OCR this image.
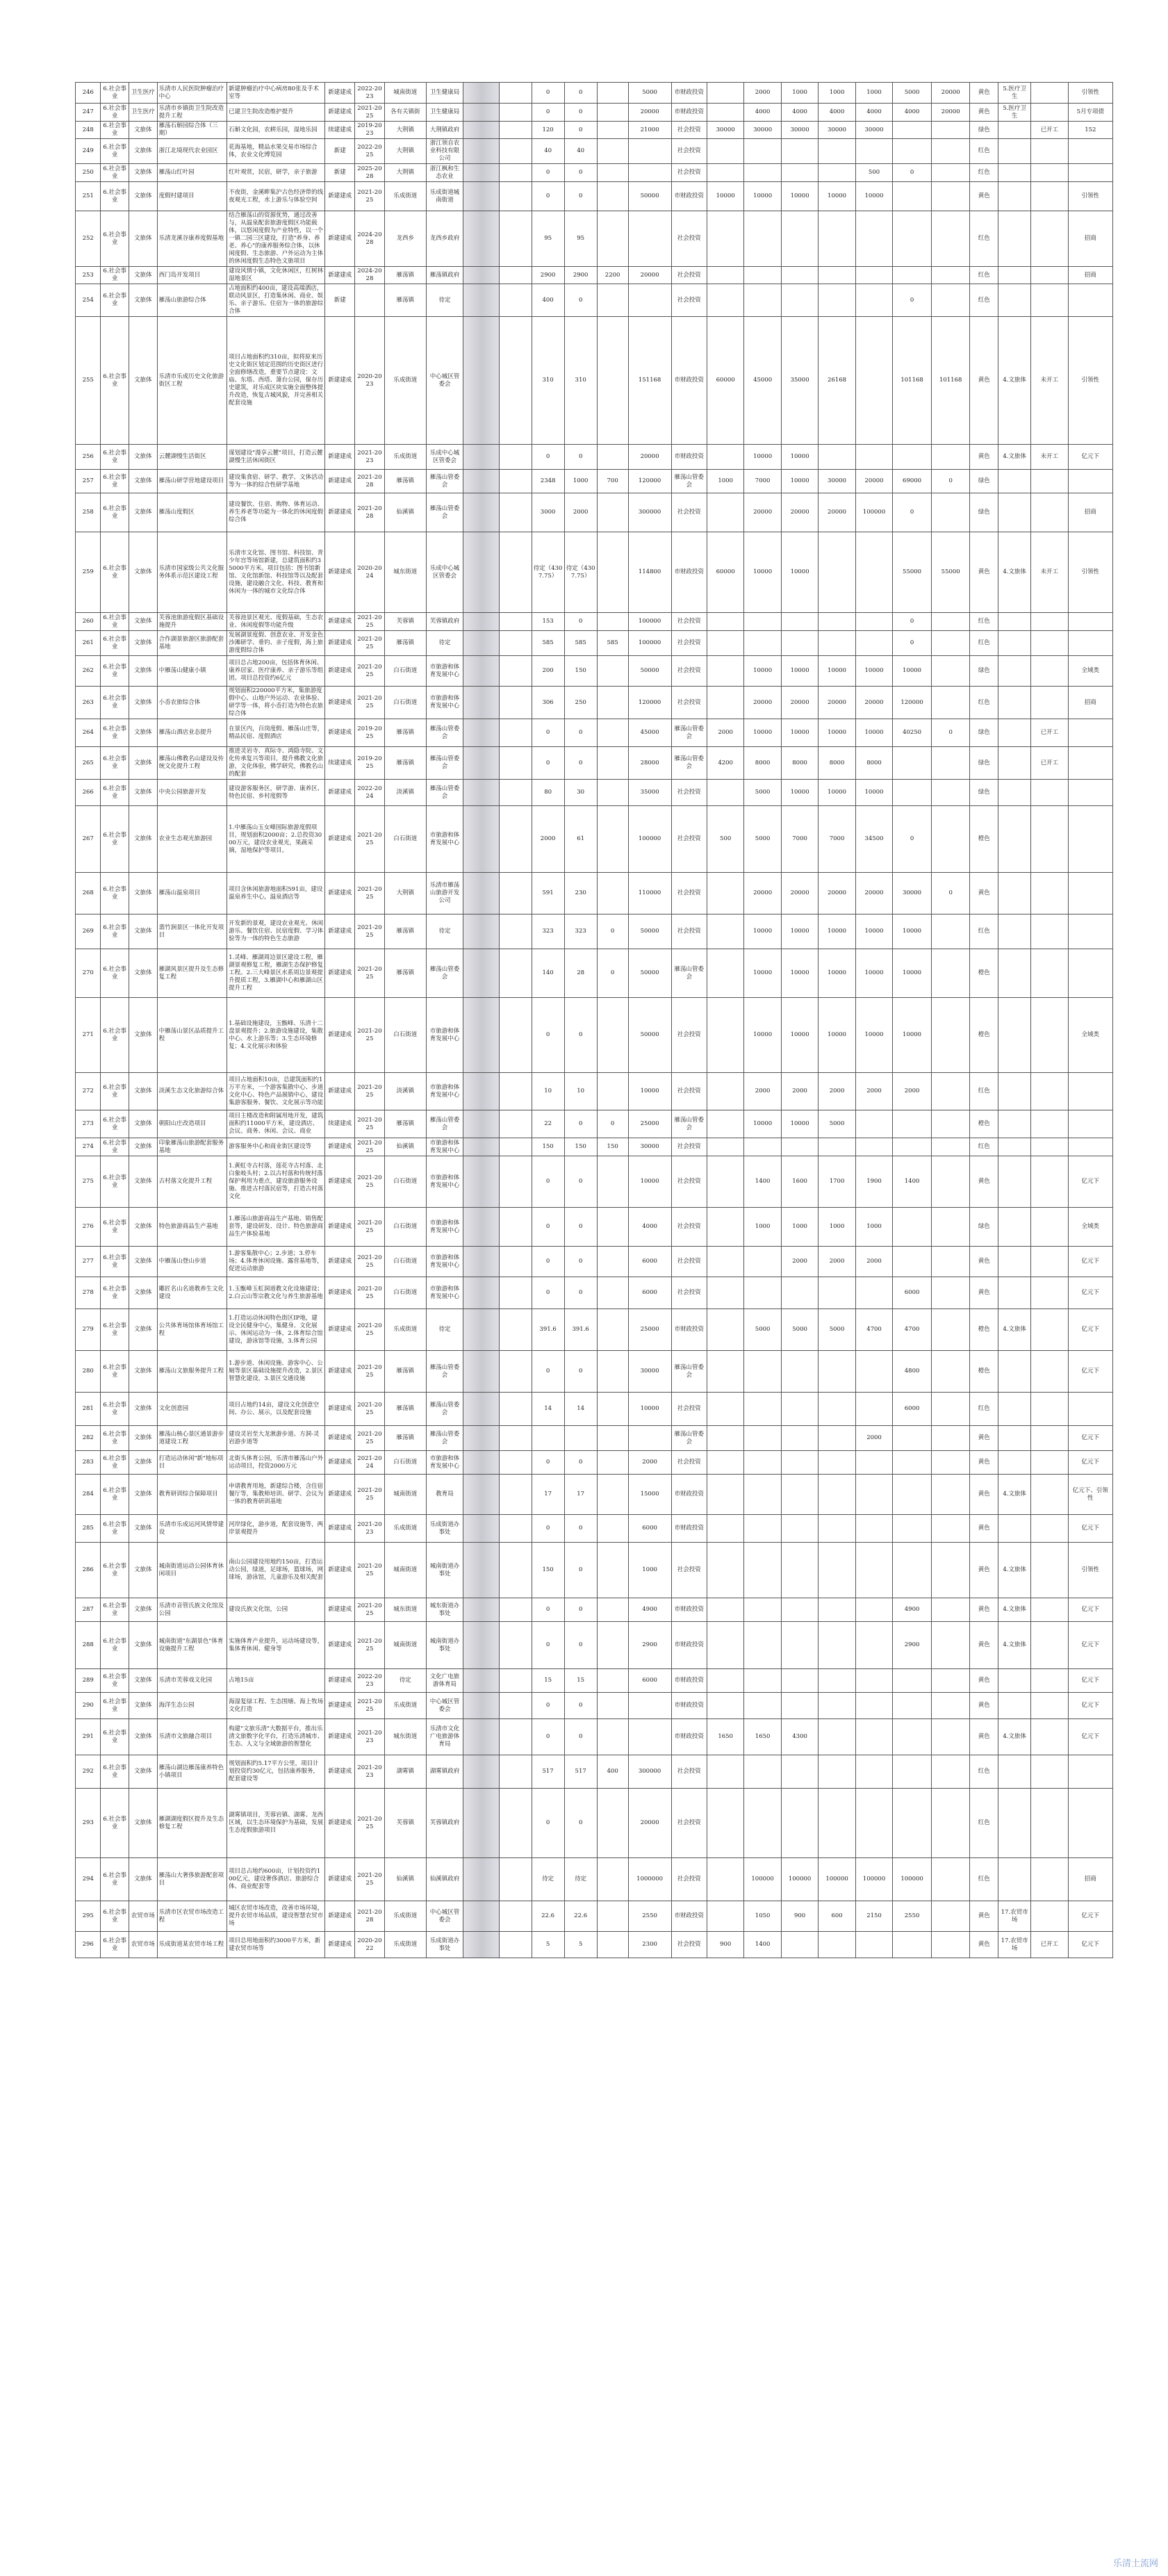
246	6.社会事业	卫生医疗	乐清市人民医院肿瘤治疗中心	新建肿瘤治疗中心病房80张及手术室等	新建建成	2022-2023	城南街道	卫生健康局			0	0		5000	市财政投资		2000	1000	1000	1000	5000	20000	黄色	5.医疗卫生		引领性
247	6.社会事业	卫生医疗	乐清市乡镇街卫生院改造提升工程	已建卫生院改造维护提升	新建建成	2021-2025	各有关镇街	卫生健康局			0	0		20000	市财政投资		4000	4000	4000	4000	4000	20000	黄色	5.医疗卫生		5月专项债
248	6.社会事业	文旅体	雁荡石斛园综合体（三期）	石斛文化园，农耕乐园，湿地乐园	续建建成	2019-2023	大荆镇	大荆镇政府			120	0		21000	社会投资	30000	30000	30000	30000	30000			绿色		已开工	152
249	6.社会事业	文旅体	浙江北境现代农业园区	花海基地，精品水果交易市场综合体，农业文化博览园	新建	2022-2025	大荆镇	浙江领自农业科技有限公司			40	40			社会投资								红色			
250	6.社会事业	文旅体	雁荡山红叶园	红叶观赏，民宿，研学，亲子旅游	新建	2025-2028	大荆镇	浙江枫和生态农业			0	0			社会投资					500	0		红色			
251	6.社会事业	文旅体	度假村建项目	不夜街，金溪畔集沪古色经济带的线夜观光工程，水上游乐与体验空间	新建建成	2021-2025	乐成街道	乐成街道城南街道			0	0		50000	市财政投资	10000	10000	10000	10000	10000			黄色			引领性
252	6.社会事业	文旅体	乐清龙溪谷康养度假基地	结合雁荡山的资源优势，通过改善与，从温泉配套旅游度假区功能载体，以悠闲度假为产业特性，以一个一镇二园三区建设，打造"养身、养老、养心"的康养服务综合体，以休闲度假、生态旅游、户外运动为主体的休闲度假生态特色文旅项目	新建建成	2024-2028	龙西乡	龙西乡政府			95	95			社会投资								红色			招商
253	6.社会事业	文旅体	西门岛开发项目	建设风情小镇，文化休闲区，红树林湿地景区	新建建成	2024-2028	雁荡镇	雁荡镇政府			2900	2900	2200	20000	社会投资								红色			招商
254	6.社会事业	文旅体	雁荡山旅游综合体	占地面积约400亩，建设高端酒店，联动风景区，打造集休闲、商业、娱乐、亲子游乐、住宿为一体的旅游综合体	新建		雁荡镇	待定			400	0			社会投资						0		红色			
255	6.社会事业	文旅体	乐清市乐成历史文化旅游街区工程	项目占地面积约310亩，拟将原来历史文化街区划定范围的历史街区进行全面修缮改造，重要节点建设：文庙、东塔、西塔、箫台公园，保存历史建筑，对乐成区块实施全面整体提升改造，恢复古城风貌，并完善相关配套设施	新建建成	2020-2023	乐成街道	中心城区管委会			310	310		151168	市财政投资	60000	45000	35000	26168		101168	101168	黄色	4.文旅体	未开工	引领性
256	6.社会事业	文旅体	云麓湖慢生活街区	谋划建设"漫享云麓"项目，打造云麓湖慢生活休闲街区	新建建成	2021-2023	乐成街道	乐成中心城区管委会			0	0		20000	市财政投资		10000	10000					黄色	4.文旅体	未开工	亿元下
257	6.社会事业	文旅体	雁荡山研学营地建设项目	建设集食宿、研学、教学、文体活动等为一体的综合性研学基地	新建建成	2021-2028	雁荡镇	雁荡山管委会			2348	1000	700	120000	雁荡山管委会	1000	7000	10000	30000	20000	69000	0	绿色			
258	6.社会事业	文旅体	雁荡山度假区	建设餐饮、住宿、购物、体育运动、养生养老等功能为一体化的休闲度假综合体	新建建成	2021-2028	仙溪镇	雁荡山管委会			3000	2000		300000	社会投资		20000	20000	20000	100000	0		绿色			招商
259	6.社会事业	文旅体	乐清市国家级公共文化服务体系示范区建设工程	乐清市文化馆、图书馆、科技馆、青少年宫等场馆新建，总建筑面积约35000平方米。项目包括：图书馆新馆、文化馆新馆、科技馆等以及配套设施，建设融合文化、科技、教育和休闲为一体的城市文化综合体	新建建成	2020-2024	城东街道	乐成中心城区管委会			待定（4307.75）	待定（4307.75）		114800	市财政投资	60000	10000	10000			55000	55000	黄色	4.文旅体	未开工	引领性
260	6.社会事业	文旅体	芙蓉池旅游度假区基础设施提升	芙蓉池景区观光、度假基础，生态农业、休闲度假等功能升级	新建建成	2021-2025	芙蓉镇	芙蓉镇政府			153	0		100000	社会投资						0		红色			
261	6.社会事业	文旅体	合作湖景旅游区旅游配套基地	发展湖景度假、创意农业、开发金色沙滩研学、垂钓、亲子度假，海上旅游度假综合体	新建建成	2021-2025	雁荡镇	待定			585	585	585	100000	社会投资						0		红色			
262	6.社会事业	文旅体	中雁荡山健康小镇	项目总占地200亩，包括体育休闲、康养居家、医疗康养、亲子游乐等组团。项目总投资约6亿元	新建建成	2021-2025	白石街道	市旅游和体育发展中心			200	150		50000	社会投资		10000	10000	10000	10000	10000		绿色			全域类
263	6.社会事业	文旅体	小岙农旅综合体	规划面积220000平方米，集旅游度假中心、山地户外运动、农业体验、研学等一体，将小岙打造为特色农旅综合体	新建建成	2021-2025	白石街道	市旅游和体育发展中心			306	250		120000	社会投资		20000	20000	20000	20000	120000		红色			招商
264	6.社会事业	文旅体	雁荡山酒店业态提升	在景区内，百岗度假、雁荡山庄等，精品民宿、度假酒店	新建建成	2019-2025	雁荡镇	雁荡山管委会			0	0		45000	雁荡山管委会	2000	10000	10000	10000	10000	40250	0	绿色		已开工	
265	6.社会事业	文旅体	雁荡山佛教名山建设及传统文化提升工程	推进灵岩寺、真际寺、鸿隐寺院、文化传承复兴等项目，提升佛教文化旅游，文化体验，佛学研究，佛教名山的配套	续建建成	2019-2025	雁荡镇	雁荡山管委会			0	0		28000	雁荡山管委会	4200	8000	8000	8000	8000			绿色		已开工	
266	6.社会事业	文旅体	中央公园旅游开发	建设游客服务区，研学游、康养区、特色民宿、乡村度假等	新建建成	2022-2024	淡溪镇	雁荡山管委会			80	30		35000	社会投资		5000	10000	10000	10000			绿色			
267	6.社会事业	文旅体	农业生态观光旅游园	1.中雁荡山玉女峰国际旅游度假项目，规划面积2000亩；2.总投资3000万元，建设农业观光，果蔬采摘，湿地保护等项目。	新建建成	2021-2025	白石街道	市旅游和体育发展中心			2000	61		100000	社会投资	500	5000	7000	7000	34500	0		橙色			
268	6.社会事业	文旅体	雁荡山温泉项目	项目含休闲旅游地面积591亩，建设温泉养生中心，温泉酒店等	新建建成	2021-2025	大荆镇	乐清市雁荡山旅游开发公司			591	230		110000	社会投资		20000	20000	20000	20000	30000	0	黄色			
269	6.社会事业	文旅体	翡竹涧景区一体化开发项目	开发新的景观，建设农业观光、休闲游乐、餐饮住宿、民宿度假、学习体验等为一体的特色生态旅游	新建建成	2021-2025	雁荡镇	待定			323	323	0	50000	社会投资		10000	10000	10000	10000	10000		红色			
270	6.社会事业	文旅体	雁湖风景区提升及生态修复工程	1.灵峰、雁湖周边景区建设工程，雁湖景观修复工程，雁湖生态保护修复工程。2.三大峰景区水系周边景观提升提质工程，3.雁湖中心和雁湖山区提升工程	新建建成	2021-2025	雁荡镇	雁荡山管委会			140	28	0	50000	雁荡山管委会		10000	10000	10000	10000	10000		橙色			
271	6.社会事业	文旅体	中雁荡山景区品质提升工程	1.基础设施建设，玉甑峰、乐清十二盘景观提升；2.旅游设施建设，集散中心、水上游乐等；3.生态环境修复；4.文化展示和体验	新建建成	2021-2025	白石街道	市旅游和体育发展中心			0	0		50000	社会投资		10000	10000	10000	10000	10000		橙色			全域类
272	6.社会事业	文旅体	淡溪生态文化旅游综合体	项目占地面积10亩，总建筑面积约1万平方米，一个游客集散中心、步道文化中心、特色产品展销中心，建设集游客服务、餐饮、文化展示等功能	新建建成	2021-2025	淡溪镇	市旅游和体育发展中心			10	10		10000	社会投资		2000	2000	2000	2000	2000		红色			
273	6.社会事业	文旅体	朝阳山庄改造项目	项目主楼改造和附属用地开发，建筑面积约11000平方米，建设酒店、会议、商务、休闲、会议、商业	续建建成	2021-2025	雁荡镇	雁荡山管委会			22	0	0	25000	雁荡山管委会		10000	10000	5000				橙色			
274	6.社会事业	文旅体	印象雁荡山旅游配套服务基地	游客服务中心和商业街区建设等	新建建成	2021-2025	仙溪镇	市旅游和体育发展中心			150	150	150	30000	社会投资								红色			
275	6.社会事业	文旅体	古村落文化提升工程	1.黄虹寺古村落，莲花寺古村落、北白象岐头村；2.以古村落和传统村落保护利用为重点，建设旅游服务设施、推进古村落民宿等，打造古村落文化	新建建成	2021-2025	白石街道	市旅游和体育发展中心			0	0		10000	社会投资		1400	1600	1700	1900	1400		黄色			亿元下
276	6.社会事业	文旅体	特色旅游商品生产基地	1.雁荡山旅游商品生产基地、销售配套等，建设研发、设计、特色旅游商品生产体验基地	新建建成	2021-2025	白石街道	市旅游和体育发展中心			0	0		4000	社会投资		1000	1000	1000	1000			绿色			全域类
277	6.社会事业	文旅体	中雁荡山登山步道	1.游客集散中心；2.步道；3.停车场；4.体育休闲设施、露营基地等，促进运动旅游	新建建成	2021-2025	白石街道	市旅游和体育发展中心			0	0		6000	社会投资			2000	2000	2000			黄色			亿元下
278	6.社会事业	文旅体	雕匠名山名道教养生文化建设	1.玉甑峰玉虹洞道教文化设施建设；2.白云山等宗教文化与养生旅游基地	新建建成	2021-2025	白石街道	市旅游和体育发展中心			0	0		6000	社会投资						6000		黄色			亿元下
279	6.社会事业	文旅体	公共体育场馆体育场馆工程	1.打造运动休闲特色街区IP地，建设全民健身中心，集健身、文化展示、休闲运动为一体，2.体育综合馆建设，游泳馆等设施，3.体育公园	新建建成	2021-2025	乐成街道	待定			391.6	391.6		25000	市财政投资		5000	5000	5000	4700	4700		橙色	4.文旅体		亿元下
280	6.社会事业	文旅体	雁荡山文旅服务提升工程	1.游步道、休闲设施、游客中心、公厕等景区基础设施提升改造，2.景区智慧化建设，3.景区交通设施	新建建成	2021-2025	雁荡镇	雁荡山管委会			0	0		30000	雁荡山管委会						4800		橙色			亿元下
281	6.社会事业	文旅体	文化创意园	项目占地约14亩，建设文化创意空间、办公、展示，以及配套设施	新建建成	2021-2025	雁荡镇	雁荡山管委会			14	14		10000	社会投资						6000		红色			
282	6.社会事业	文旅体	雁荡山核心景区通景游步道建设工程	建设灵岩至大龙湫游步道、方洞-灵岩游步道等	新建建成	2021-2025	雁荡镇	雁荡山管委会							雁荡山管委会					2000			黄色			亿元下
283	6.社会事业	文旅体	打造运动休闲"新"地标项目	北街头体育公园，乐清市雁荡山户外运动项目，投资2000万元	新建建成	2021-2024	白石街道	市旅游和体育发展中心			0	0		2000	社会投资								黄色			亿元下
284	6.社会事业	文旅体	教育研训综合保障项目	申请教育用地，新建综合楼，含住宿餐厅等，集教师培训、研学、会议为一体的教育研训基地	新建建成	2021-2025	城南街道	教育局			17	17		15000	市财政投资								黄色	4.文旅体		亿元下、引领性
285	6.社会事业	文旅体	乐清市乐成运河风情带建设	河岸绿化，游步道，配套设施等，两岸景观提升	新建建成	2021-2023	乐成街道	乐成街道办事处			0	0		6000	市财政投资								黄色			亿元下
286	6.社会事业	文旅体	城南街道运动公园体育休闲项目	南山公园建设用地约150亩，打造运动公园，绿道，足球场，篮球场，网球场，游泳馆，儿童游乐及相关配套	新建建成	2021-2025	城南街道	城南街道办事处			150	0		1000	社会投资								黄色	4.文旅体		引领性
287	6.社会事业	文旅体	乐清市音管氏族文化馆及公园	建设氏族文化馆，公园	新建建成	2021-2025	城东街道	城东街道办事处			0	0		4900	市财政投资						4900		黄色	4.文旅体		亿元下
288	6.社会事业	文旅体	城南街道"东湖景色"体育设施提升工程	实施体育产业提升，运动场建设等，集体育休闲、健身等	新建建成	2021-2025	城南街道	城南街道办事处			0	0		2900	市财政投资						2900		黄色	4.文旅体		亿元下
289	6.社会事业	文旅体	乐清市芙蓉戏文化园	占地15亩	新建建成	2022-2023	待定	文化广电旅游体育局			15	15		6000	市财政投资								黄色			亿元下
290	6.社会事业	文旅体	海洋生态公园	海湿复绿工程、生态围塘、海上牧场文化打造	新建建成	2021-2025	乐成街道	中心城区管委会			0	0			市财政投资								黄色			亿元下
291	6.社会事业	文旅体	乐清市文旅融合项目	构建"文旅乐清"大数据平台，推出乐清文旅数字化平台，打造乐清城市、生态、人文与全域旅游的智慧化	新建建成	2021-2023	城东街道	乐清市文化广电旅游体育局			0	0			市财政投资	1650	1650	4300					黄色	4.文旅体		亿元下
292	6.社会事业	文旅体	雁荡山湖边雁荡康养特色小镇项目	规划面积约5.17平方公里，项目计划投资约30亿元，包括康养服务，配套建设等	新建建成	2021-2023	湖雾镇	湖雾镇政府			517	517	400	300000	社会投资								红色			
293	6.社会事业	文旅体	雁湖湖度假区提升及生态修复工程	湖雾镇项目，芙蓉岩镇、湖雾、龙西区域，以生态环境保护为基础，发展生态度假旅游项目	新建建成	2021-2025	芙蓉镇	芙蓉镇政府			0	0		20000	社会投资								红色			
294	6.社会事业	文旅体	雁荡山大奢侈旅游配套项目	项目总占地约600亩，计划投资约100亿元，建设奢侈酒店、旅游综合体、商业配套等	新建建成	2021-2025	仙溪镇	仙溪镇政府			待定	待定		1000000	社会投资		100000	100000	100000	100000	100000		红色			招商
295	6.社会事业	农贸市场	乐清市区农贸市场改造工程	城区农贸市场改造，改善市场环境，提升农贸市场品质，建设智慧农贸市场	新建建成	2021-2028	乐成街道	中心城区管委会			22.6	22.6		2550	市财政投资		1050	900	600	2150	2550		黄色	17.农贸市场		亿元下
296	6.社会事业	农贸市场	乐成街道某农贸市场工程	项目总用地面积约3000平方米，新建农贸市场等	新建建成	2020-2022	乐成街道	乐成街道办事处			5	5		2300	社会投资	900	1400						黄色	17.农贸市场	已开工	亿元下
乐清土流网
